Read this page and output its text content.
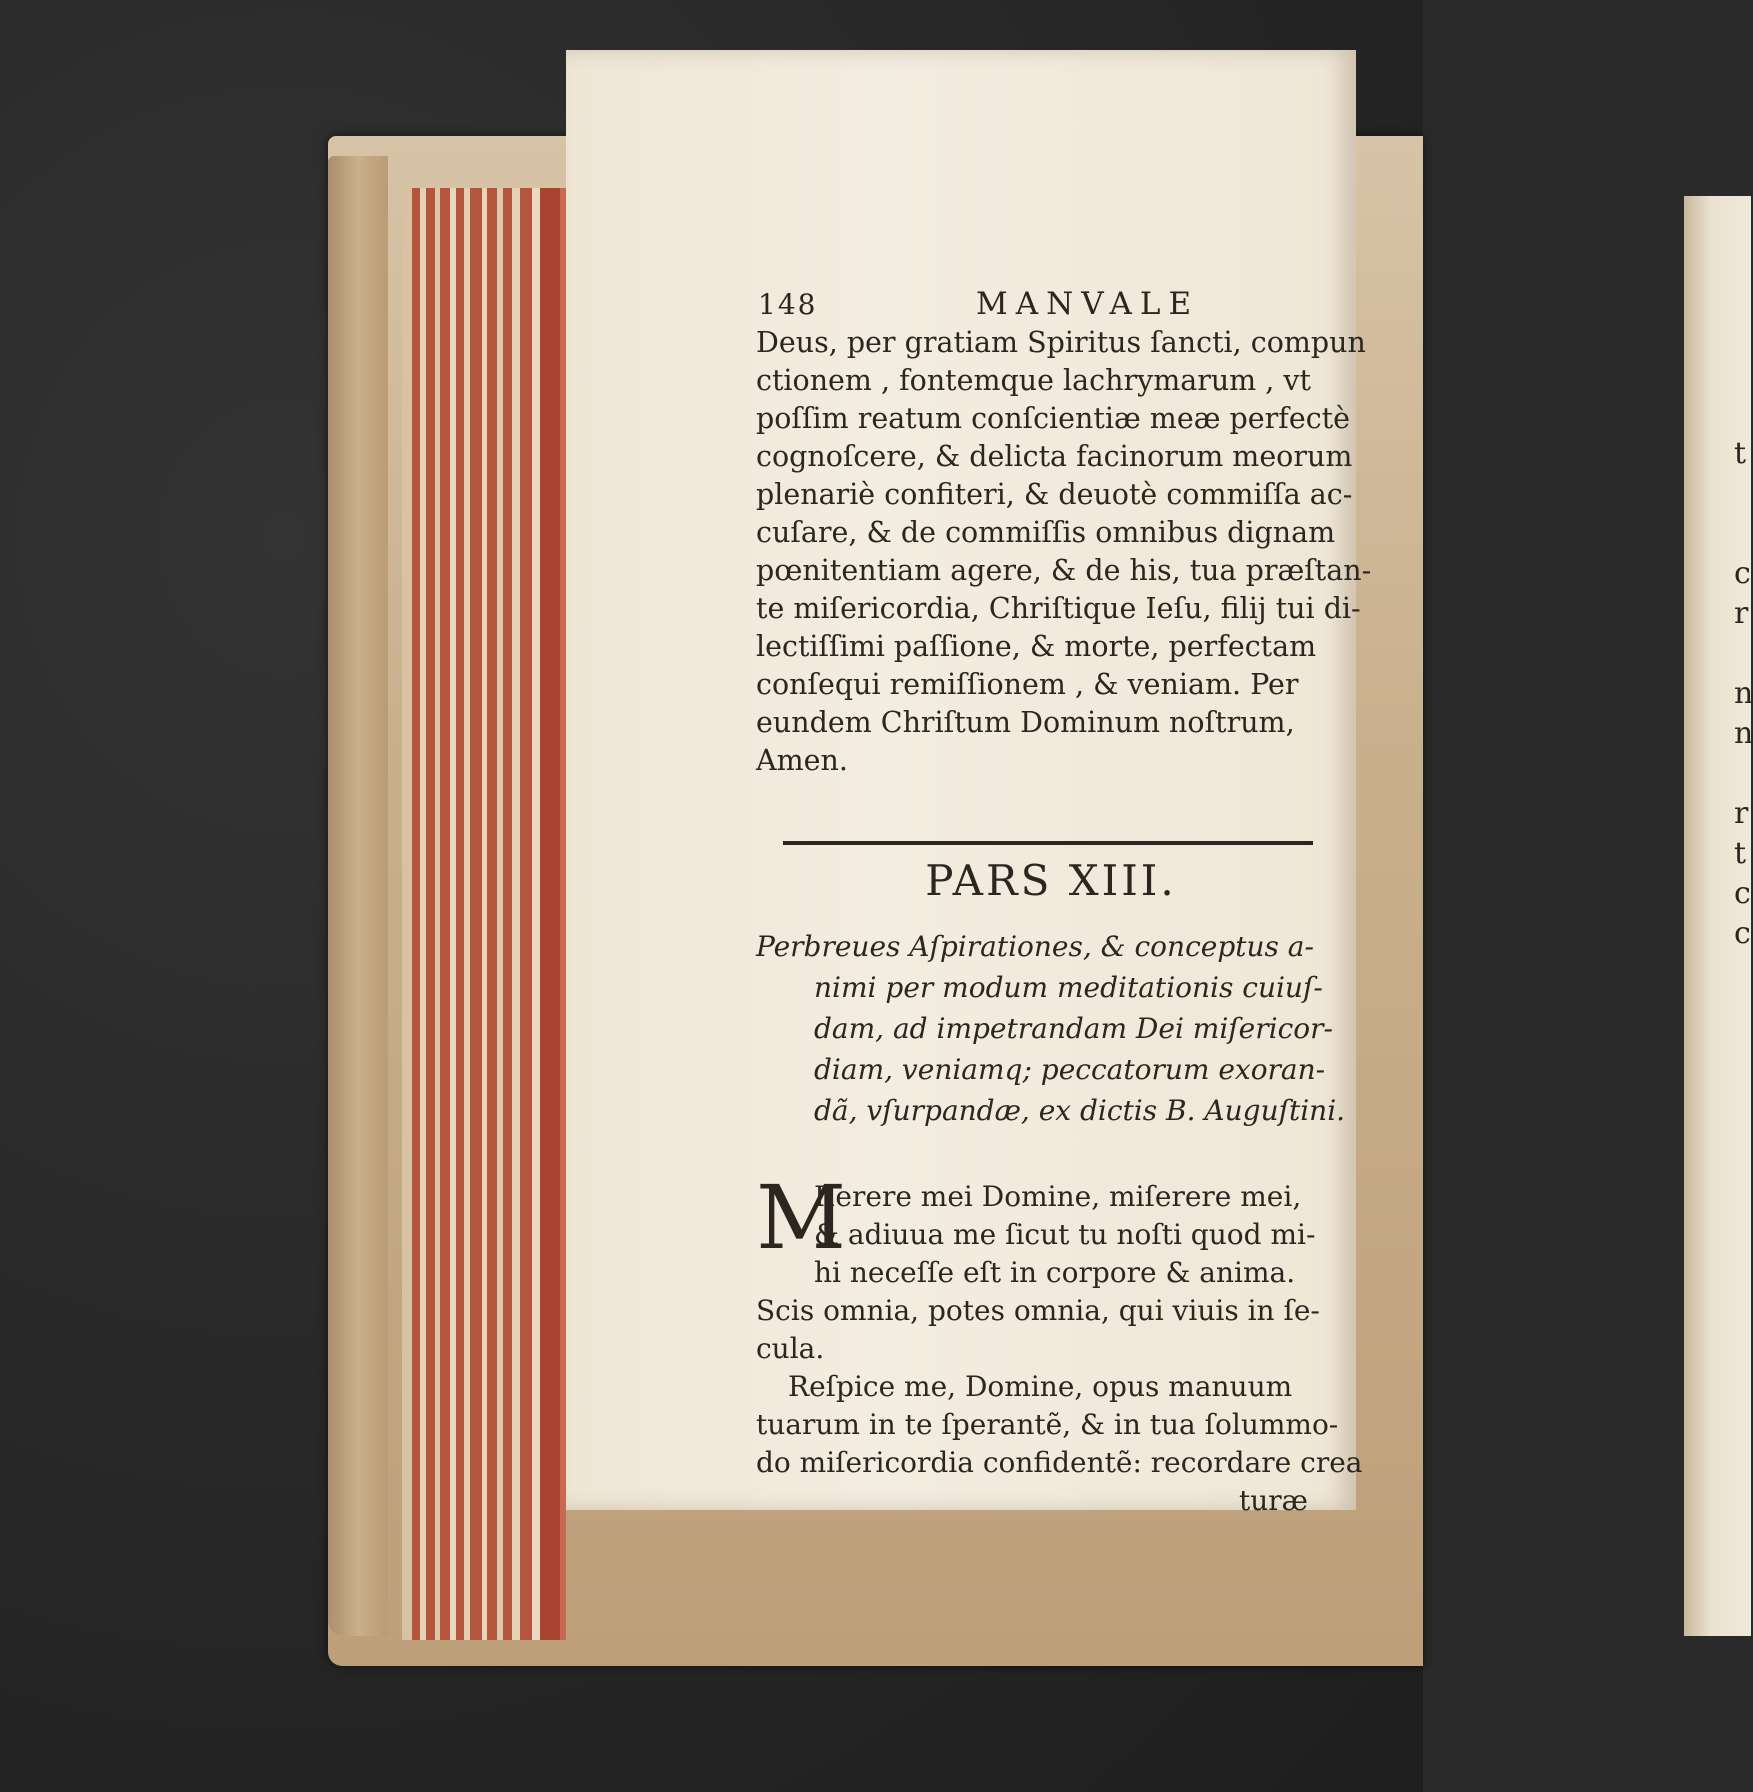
t
c
r
n
n
r
t
c
c
148	MANVALE
Deus, per gratiam Spiritus ſancti, compun
ctionem , fontemque lachrymarum , vt
poſſim reatum conſcientiæ meæ perfectè
cognoſcere, & delicta facinorum meorum
plenariè confiteri, & deuotè commiſſa ac-
cuſare, & de commiſſis omnibus dignam
pœnitentiam agere, & de his, tua præſtan-
te miſericordia, Chriſtique Ieſu, filij tui di-
lectiſſimi paſſione, & morte, perfectam
conſequi remiſſionem , & veniam. Per
eundem Chriſtum Dominum noſtrum,
Amen.
PARS XIII.
Perbreues Aſpirationes, & conceptus a-
nimi per modum meditationis cuiuſ-
dam, ad impetrandam Dei miſericor-
diam, veniamq; peccatorum exoran-
dã, vſurpandæ, ex dictis B. Auguſtini.
M
Iſerere mei Domine, miſerere mei,
& adiuua me ſicut tu noſti quod mi-
hi neceſſe eſt in corpore & anima.
Scis omnia, potes omnia, qui viuis in ſe-
cula.
Reſpice me, Domine, opus manuum
tuarum in te ſperantẽ, & in tua ſolummo-
do miſericordia confidentẽ: recordare crea
turæ
